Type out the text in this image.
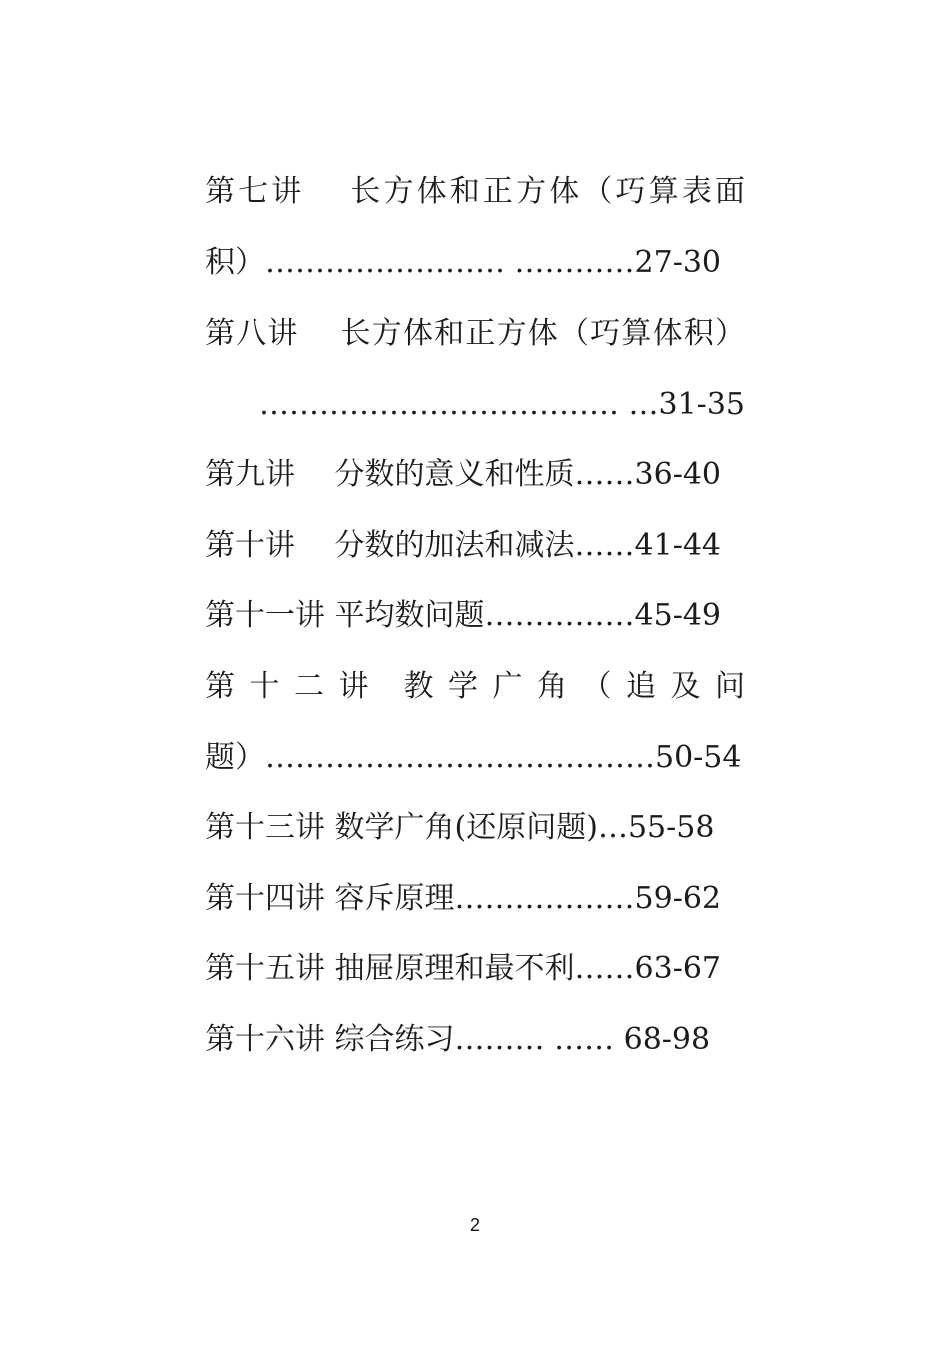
第七讲　 长方体和正方体（巧算表面
积）…………………… …………27-30
第八讲　 长方体和正方体（巧算体积）
……………………………… …31-35
第九讲　 分数的意义和性质……36-40
第十讲　 分数的加法和减法……41-44
第十一讲 平均数问题……………45-49
第 十 二 讲　教 学 广 角 （ 追 及 问
题）…………………………………50-54
第十三讲 数学广角(还原问题)…55-58
第十四讲 容斥原理………………59-62
第十五讲 抽屉原理和最不利……63-67
第十六讲 综合练习……… …… 68-98
2
